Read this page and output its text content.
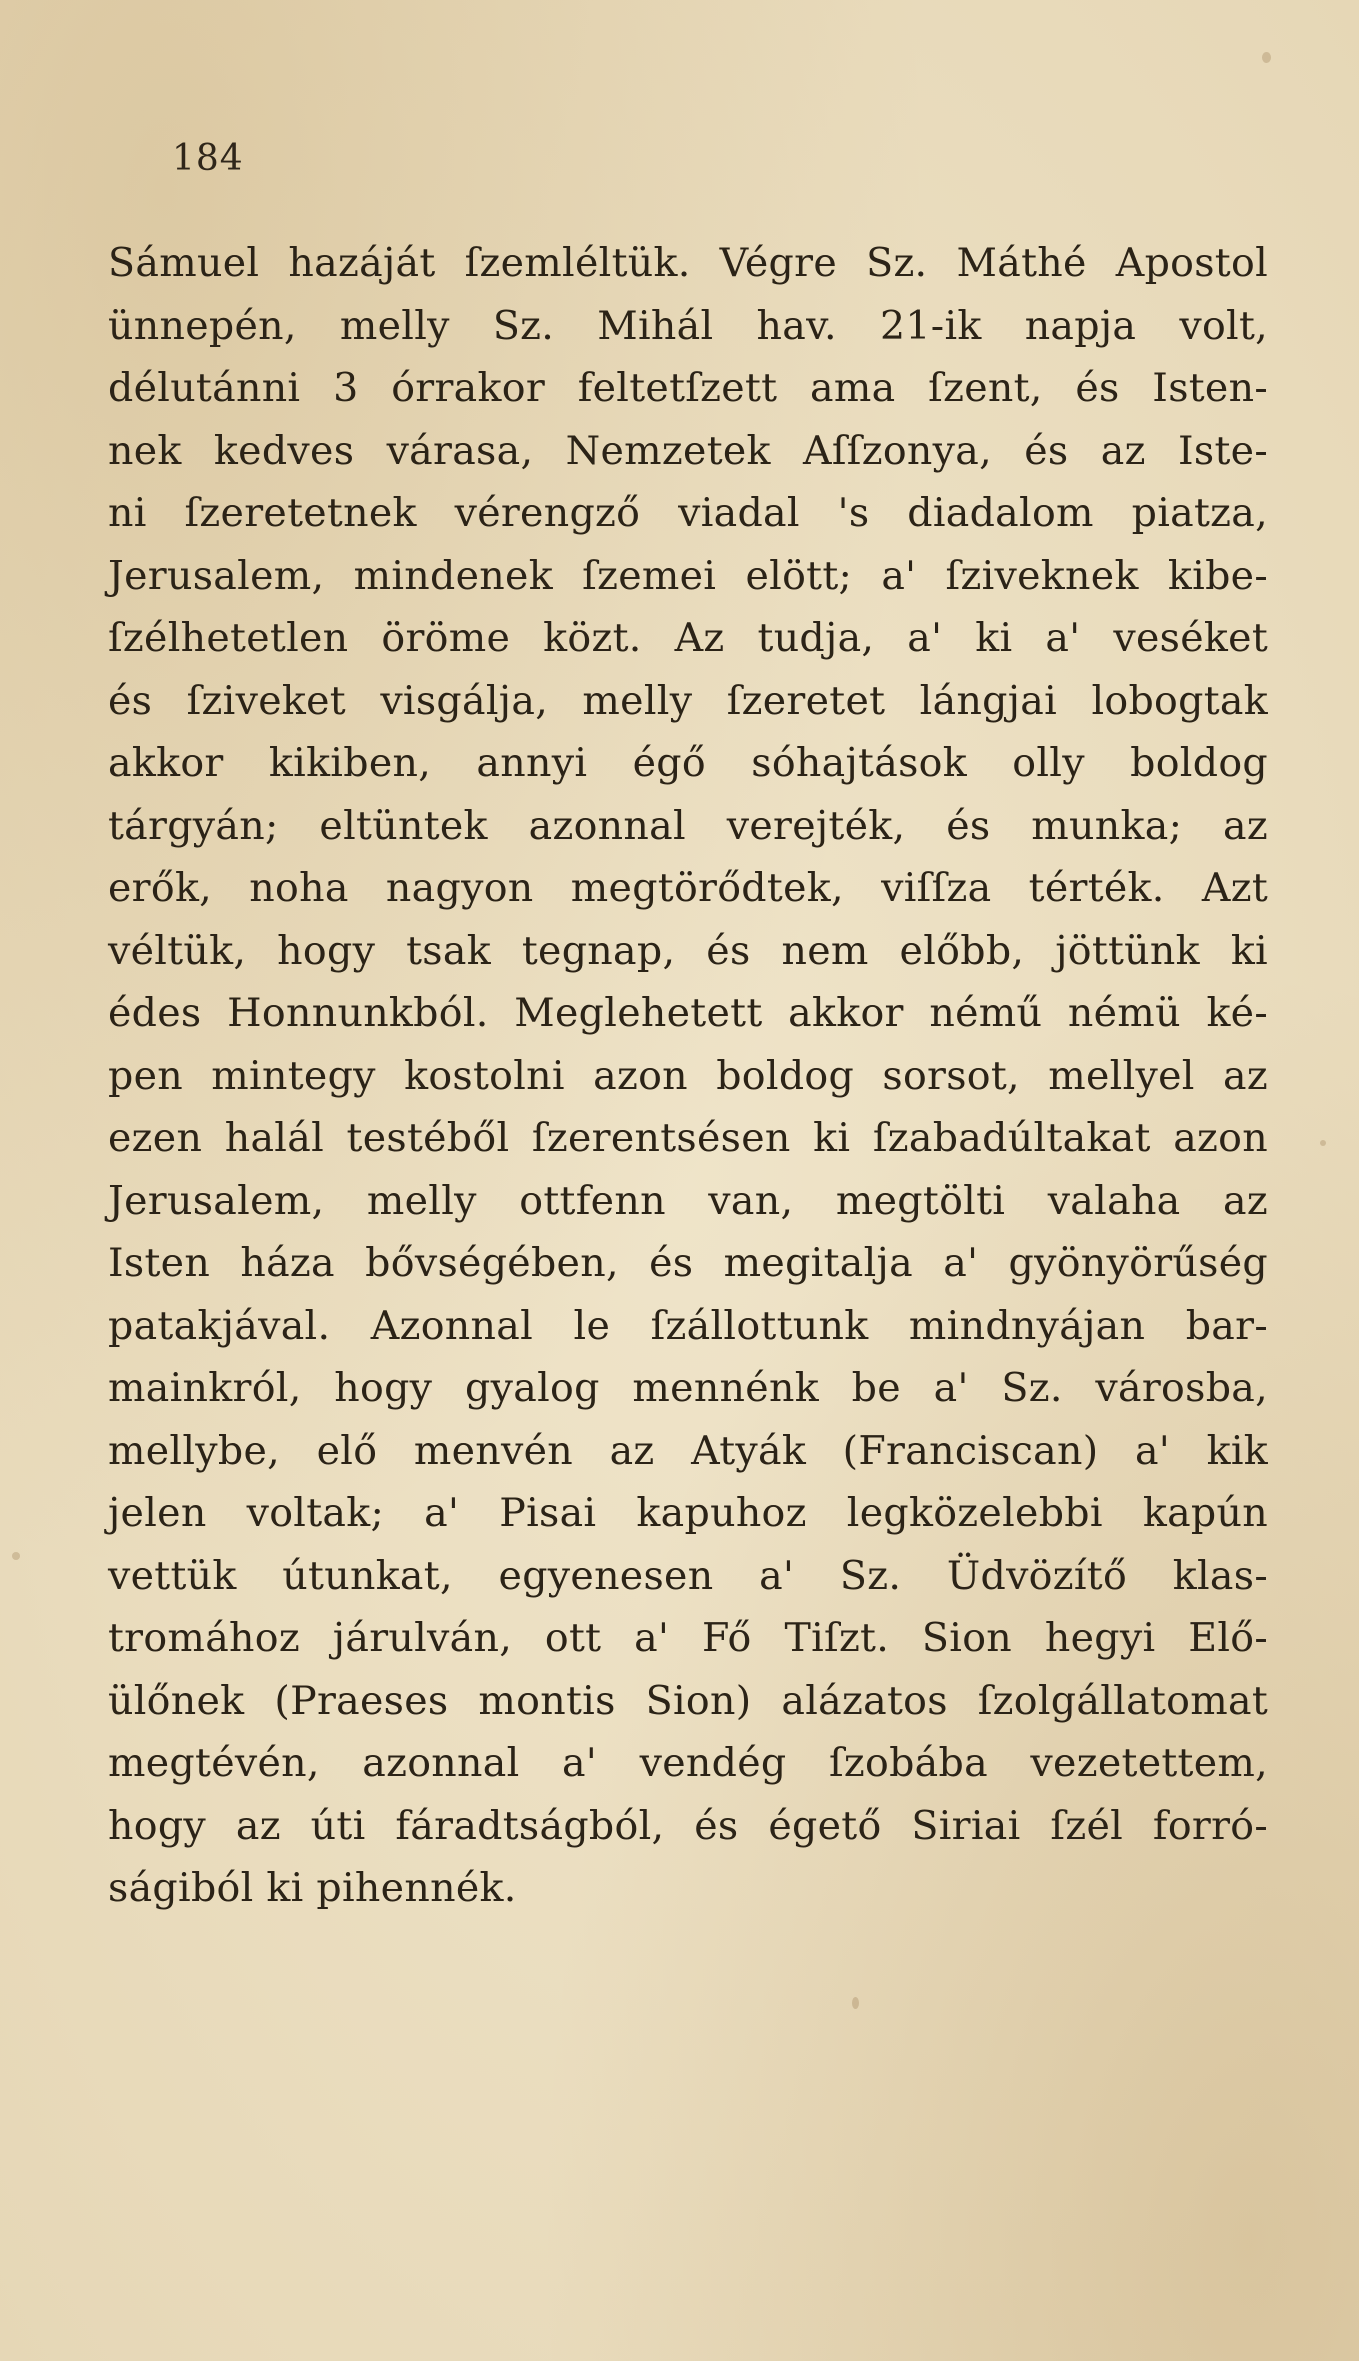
184
Sámuel hazáját ſzemléltük. Végre Sz. Máthé Apostol
ünnepén, melly Sz. Mihál hav. 21-ik napja volt,
délutánni 3 órrakor feltetſzett ama ſzent, és Isten-
nek kedves várasa, Nemzetek Aſſzonya, és az Iste-
ni ſzeretetnek vérengző viadal 's diadalom piatza,
Jerusalem, mindenek ſzemei elött; a' ſziveknek kibe-
ſzélhetetlen öröme közt. Az tudja, a' ki a' veséket
és ſziveket visgálja, melly ſzeretet lángjai lobogtak
akkor kikiben, annyi égő sóhajtások olly boldog
tárgyán; eltüntek azonnal verejték, és munka; az
erők, noha nagyon megtörődtek, viſſza térték. Azt
véltük, hogy tsak tegnap, és nem előbb, jöttünk ki
édes Honnunkból. Meglehetett akkor némű némü ké-
pen mintegy kostolni azon boldog sorsot, mellyel az
ezen halál testéből ſzerentsésen ki ſzabadúltakat azon
Jerusalem, melly ottfenn van, megtölti valaha az
Isten háza bővségében, és megitalja a' gyönyörűség
patakjával. Azonnal le ſzállottunk mindnyájan bar-
mainkról, hogy gyalog mennénk be a' Sz. városba,
mellybe, elő menvén az Atyák (Franciscan) a' kik
jelen voltak; a' Pisai kapuhoz legközelebbi kapún
vettük útunkat, egyenesen a' Sz. Üdvözítő klas-
tromához járulván, ott a' Fő Tiſzt. Sion hegyi Elő-
ülőnek (Praeses montis Sion) alázatos ſzolgállatomat
megtévén, azonnal a' vendég ſzobába vezetettem,
hogy az úti fáradtságból, és égető Siriai ſzél forró-
ságiból ki pihennék.
